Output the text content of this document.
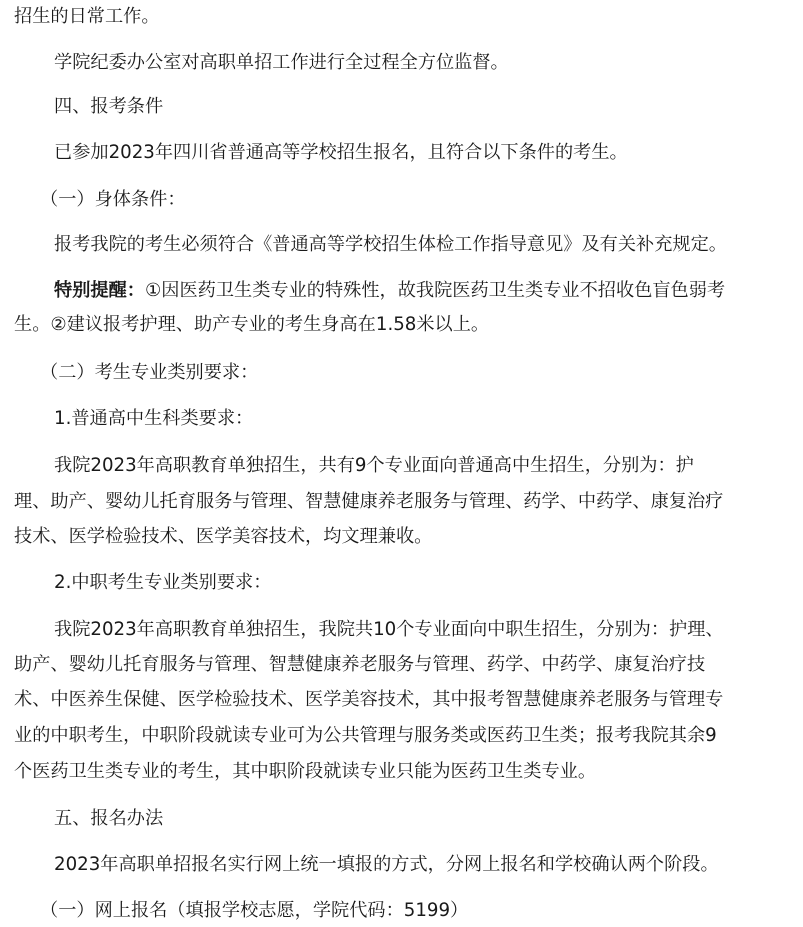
招生的日常工作。

学院纪委办公室对高职单招工作进行全过程全方位监督。

四、报考条件

已参加2023年四川省普通高等学校招生报名，且符合以下条件的考生。

（一）身体条件：

报考我院的考生必须符合《普通高等学校招生体检工作指导意见》及有关补充规定。

特别提醒：①因医药卫生类专业的特殊性，故我院医药卫生类专业不招收色盲色弱考

生。②建议报考护理、助产专业的考生身高在1.58米以上。

（二）考生专业类别要求：

1.普通高中生科类要求：

我院2023年高职教育单独招生，共有9个专业面向普通高中生招生，分别为：护

理、助产、婴幼儿托育服务与管理、智慧健康养老服务与管理、药学、中药学、康复治疗

技术、医学检验技术、医学美容技术，均文理兼收。

2.中职考生专业类别要求：

我院2023年高职教育单独招生，我院共10个专业面向中职生招生，分别为：护理、

助产、婴幼儿托育服务与管理、智慧健康养老服务与管理、药学、中药学、康复治疗技

术、中医养生保健、医学检验技术、医学美容技术，其中报考智慧健康养老服务与管理专

业的中职考生，中职阶段就读专业可为公共管理与服务类或医药卫生类；报考我院其余9

个医药卫生类专业的考生，其中职阶段就读专业只能为医药卫生类专业。

五、报名办法

2023年高职单招报名实行网上统一填报的方式，分网上报名和学校确认两个阶段。

（一）网上报名（填报学校志愿，学院代码：5199）
